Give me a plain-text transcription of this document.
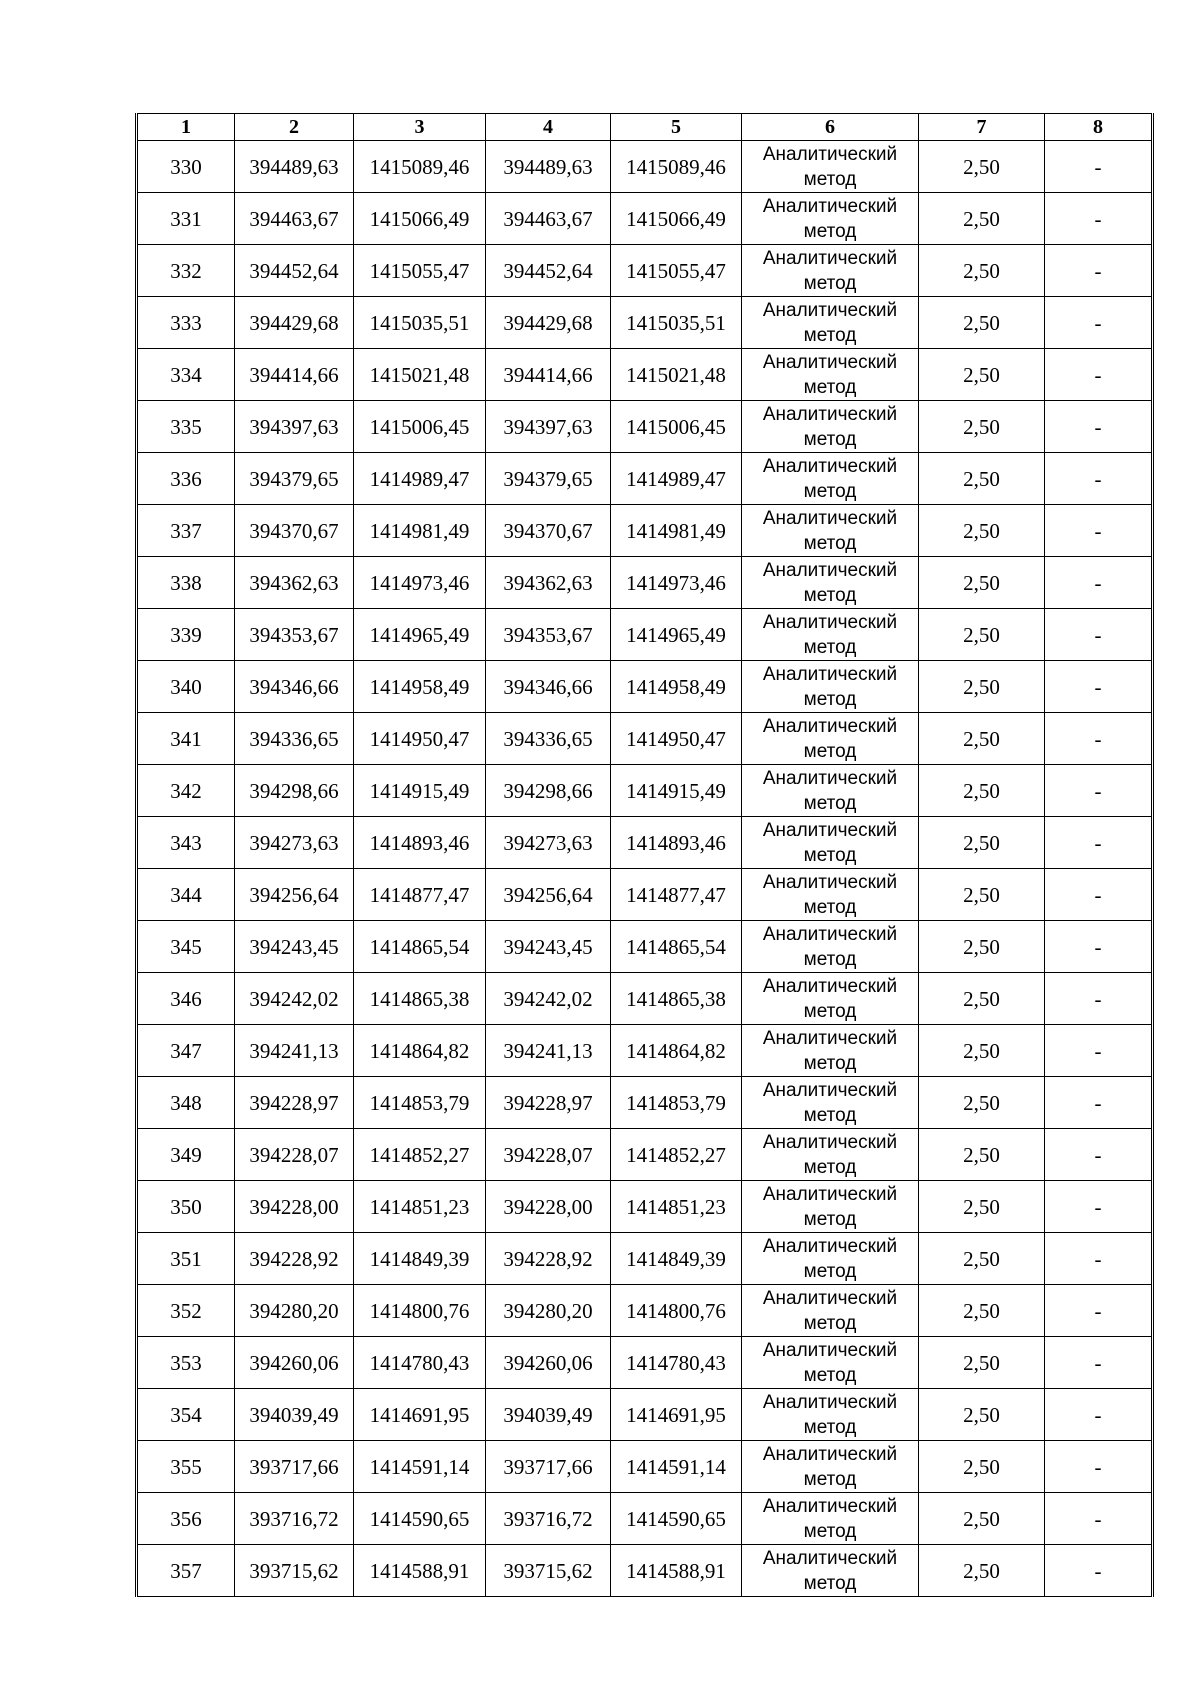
1	2	3	4	5	6	7	8
330	394489,63	1415089,46	394489,63	1415089,46	Аналитический метод	2,50	-
331	394463,67	1415066,49	394463,67	1415066,49	Аналитический метод	2,50	-
332	394452,64	1415055,47	394452,64	1415055,47	Аналитический метод	2,50	-
333	394429,68	1415035,51	394429,68	1415035,51	Аналитический метод	2,50	-
334	394414,66	1415021,48	394414,66	1415021,48	Аналитический метод	2,50	-
335	394397,63	1415006,45	394397,63	1415006,45	Аналитический метод	2,50	-
336	394379,65	1414989,47	394379,65	1414989,47	Аналитический метод	2,50	-
337	394370,67	1414981,49	394370,67	1414981,49	Аналитический метод	2,50	-
338	394362,63	1414973,46	394362,63	1414973,46	Аналитический метод	2,50	-
339	394353,67	1414965,49	394353,67	1414965,49	Аналитический метод	2,50	-
340	394346,66	1414958,49	394346,66	1414958,49	Аналитический метод	2,50	-
341	394336,65	1414950,47	394336,65	1414950,47	Аналитический метод	2,50	-
342	394298,66	1414915,49	394298,66	1414915,49	Аналитический метод	2,50	-
343	394273,63	1414893,46	394273,63	1414893,46	Аналитический метод	2,50	-
344	394256,64	1414877,47	394256,64	1414877,47	Аналитический метод	2,50	-
345	394243,45	1414865,54	394243,45	1414865,54	Аналитический метод	2,50	-
346	394242,02	1414865,38	394242,02	1414865,38	Аналитический метод	2,50	-
347	394241,13	1414864,82	394241,13	1414864,82	Аналитический метод	2,50	-
348	394228,97	1414853,79	394228,97	1414853,79	Аналитический метод	2,50	-
349	394228,07	1414852,27	394228,07	1414852,27	Аналитический метод	2,50	-
350	394228,00	1414851,23	394228,00	1414851,23	Аналитический метод	2,50	-
351	394228,92	1414849,39	394228,92	1414849,39	Аналитический метод	2,50	-
352	394280,20	1414800,76	394280,20	1414800,76	Аналитический метод	2,50	-
353	394260,06	1414780,43	394260,06	1414780,43	Аналитический метод	2,50	-
354	394039,49	1414691,95	394039,49	1414691,95	Аналитический метод	2,50	-
355	393717,66	1414591,14	393717,66	1414591,14	Аналитический метод	2,50	-
356	393716,72	1414590,65	393716,72	1414590,65	Аналитический метод	2,50	-
357	393715,62	1414588,91	393715,62	1414588,91	Аналитический метод	2,50	-
